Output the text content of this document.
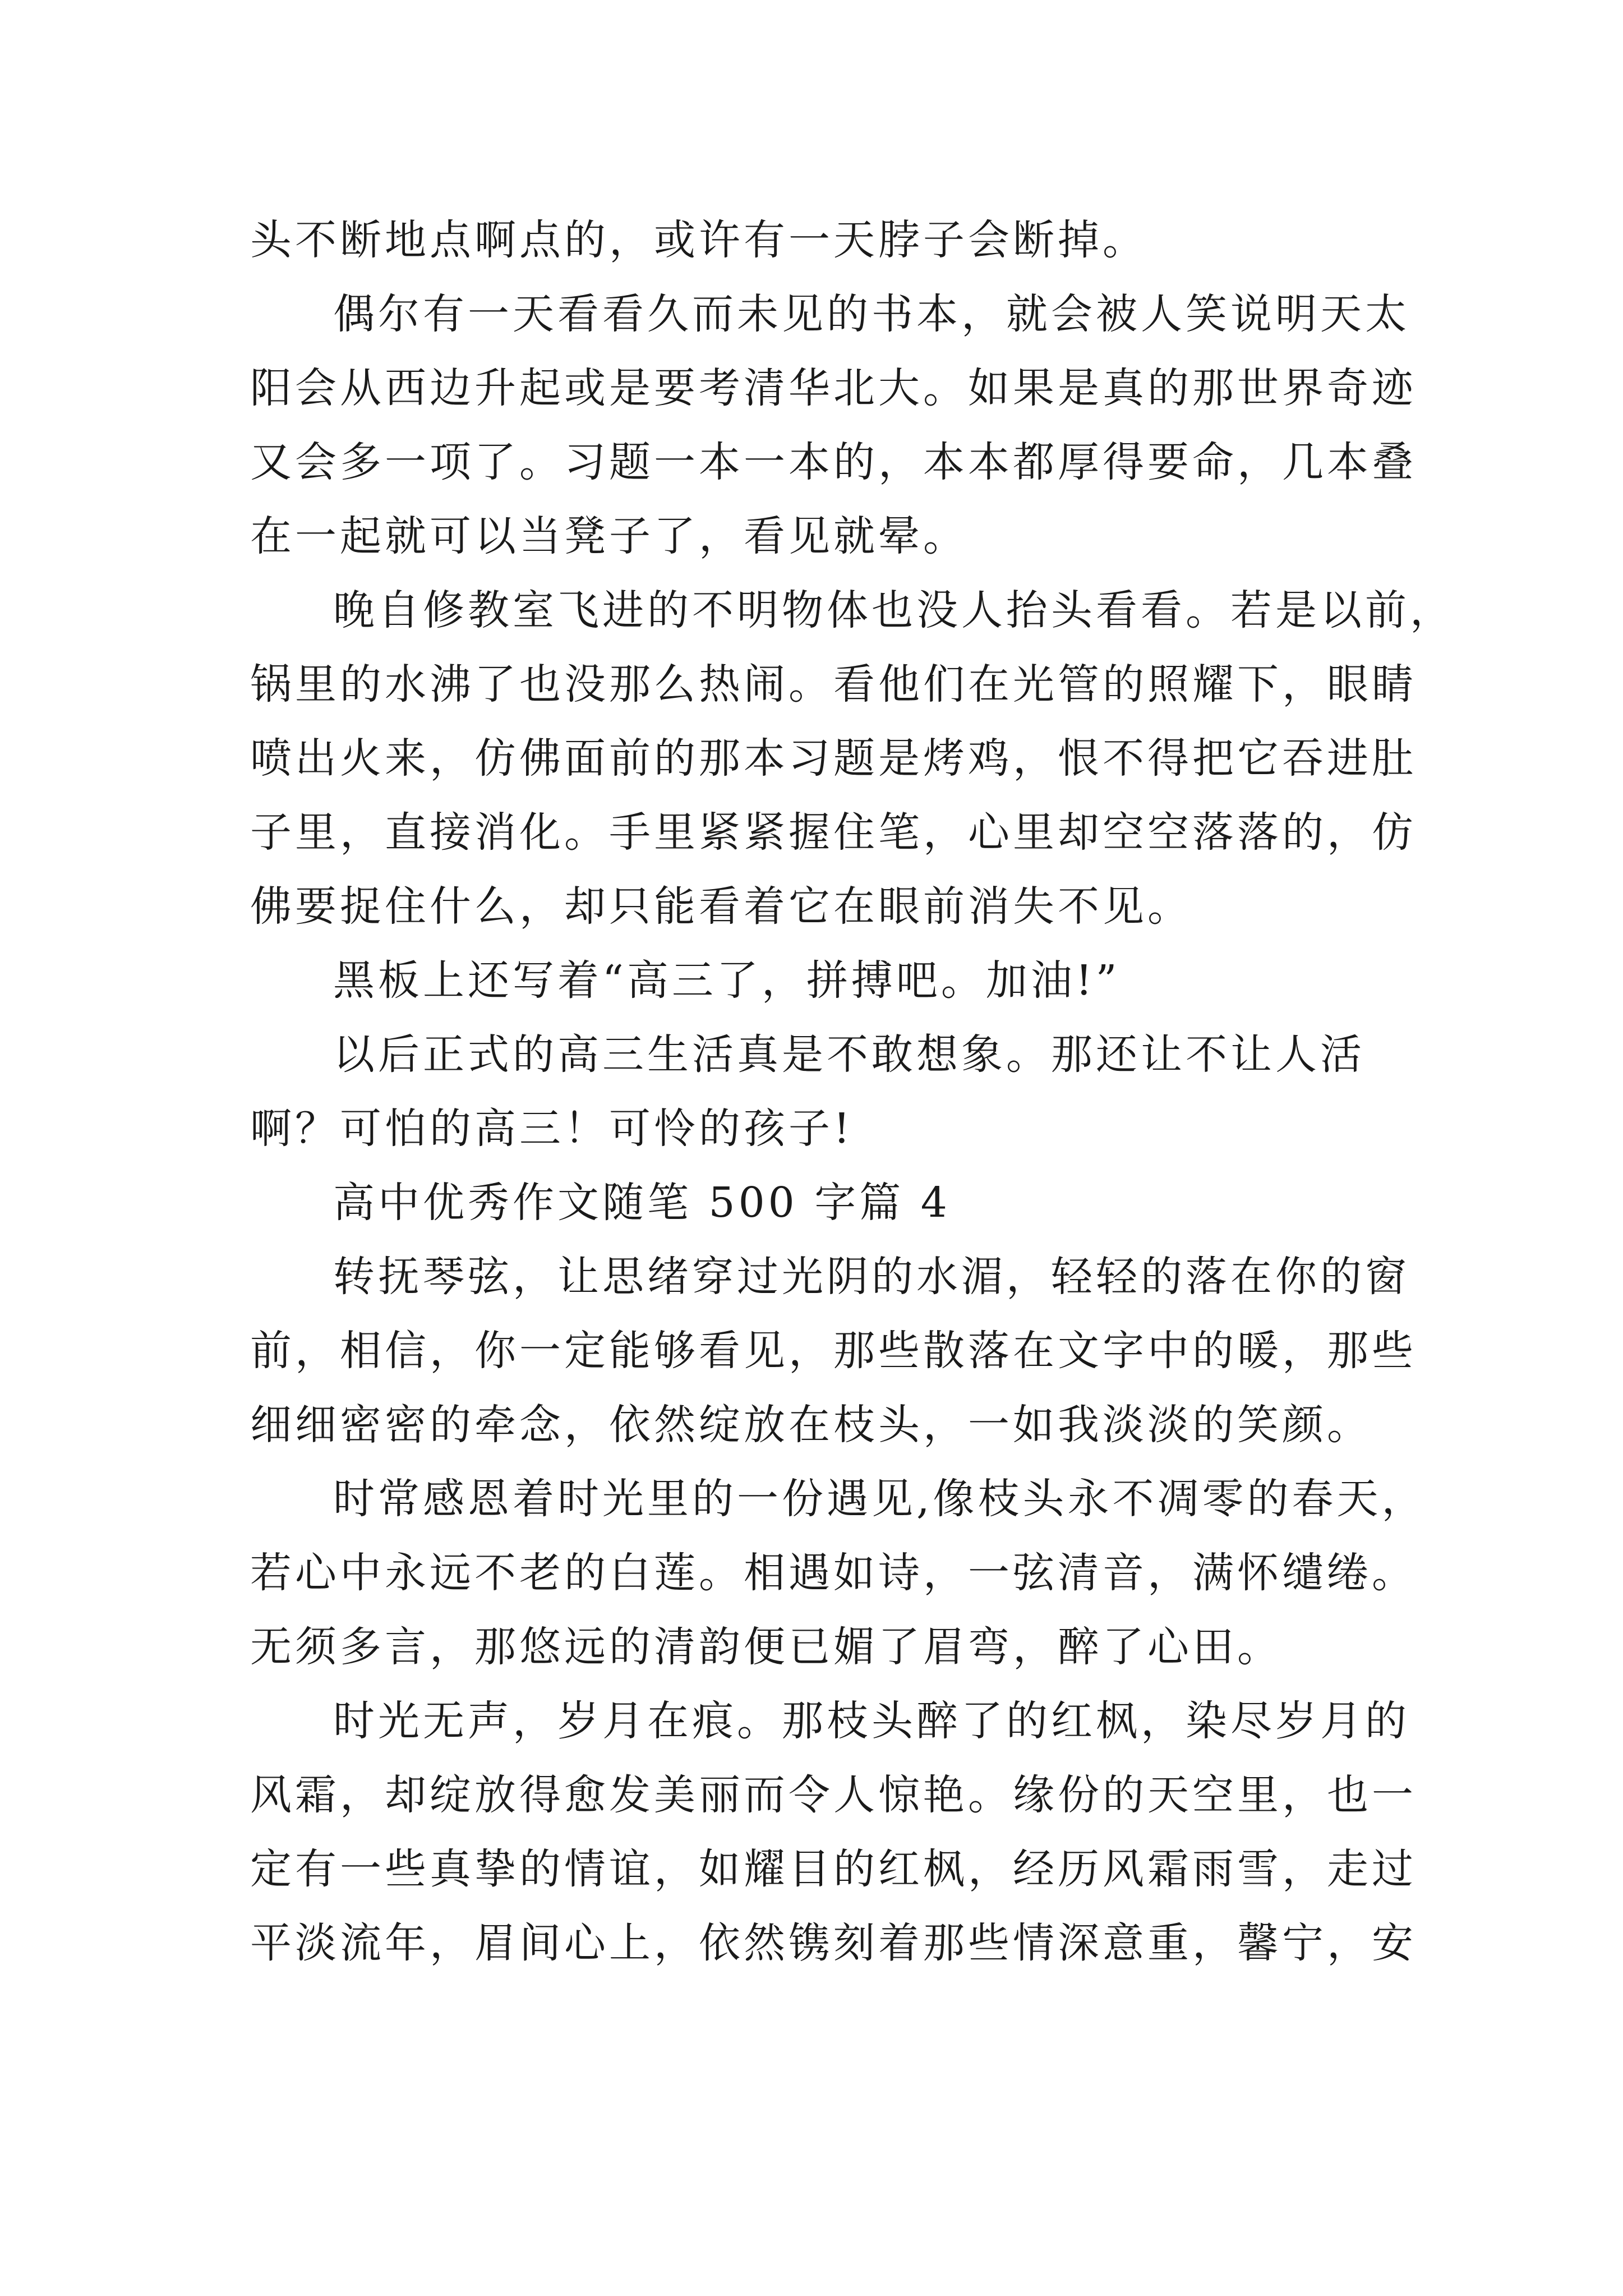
头不断地点啊点的，或许有一天脖子会断掉。
偶尔有一天看看久而未见的书本，就会被人笑说明天太
阳会从西边升起或是要考清华北大。如果是真的那世界奇迹
又会多一项了。习题一本一本的，本本都厚得要命，几本叠
在一起就可以当凳子了，看见就晕。
晚自修教室飞进的不明物体也没人抬头看看。若是以前，
锅里的水沸了也没那么热闹。看他们在光管的照耀下，眼睛
喷出火来，仿佛面前的那本习题是烤鸡，恨不得把它吞进肚
子里，直接消化。手里紧紧握住笔，心里却空空落落的，仿
佛要捉住什么，却只能看着它在眼前消失不见。
黑板上还写着“高三了，拼搏吧。加油!”
以后正式的高三生活真是不敢想象。那还让不让人活
啊？可怕的高三！可怜的孩子!
高中优秀作文随笔 500 字篇 4
转抚琴弦，让思绪穿过光阴的水湄，轻轻的落在你的窗
前，相信，你一定能够看见，那些散落在文字中的暖，那些
细细密密的牵念，依然绽放在枝头，一如我淡淡的笑颜。
时常感恩着时光里的一份遇见,像枝头永不凋零的春天，
若心中永远不老的白莲。相遇如诗，一弦清音，满怀缱绻。
无须多言，那悠远的清韵便已媚了眉弯，醉了心田。
时光无声，岁月在痕。那枝头醉了的红枫，染尽岁月的
风霜，却绽放得愈发美丽而令人惊艳。缘份的天空里，也一
定有一些真挚的情谊，如耀目的红枫，经历风霜雨雪，走过
平淡流年，眉间心上，依然镌刻着那些情深意重，馨宁，安
